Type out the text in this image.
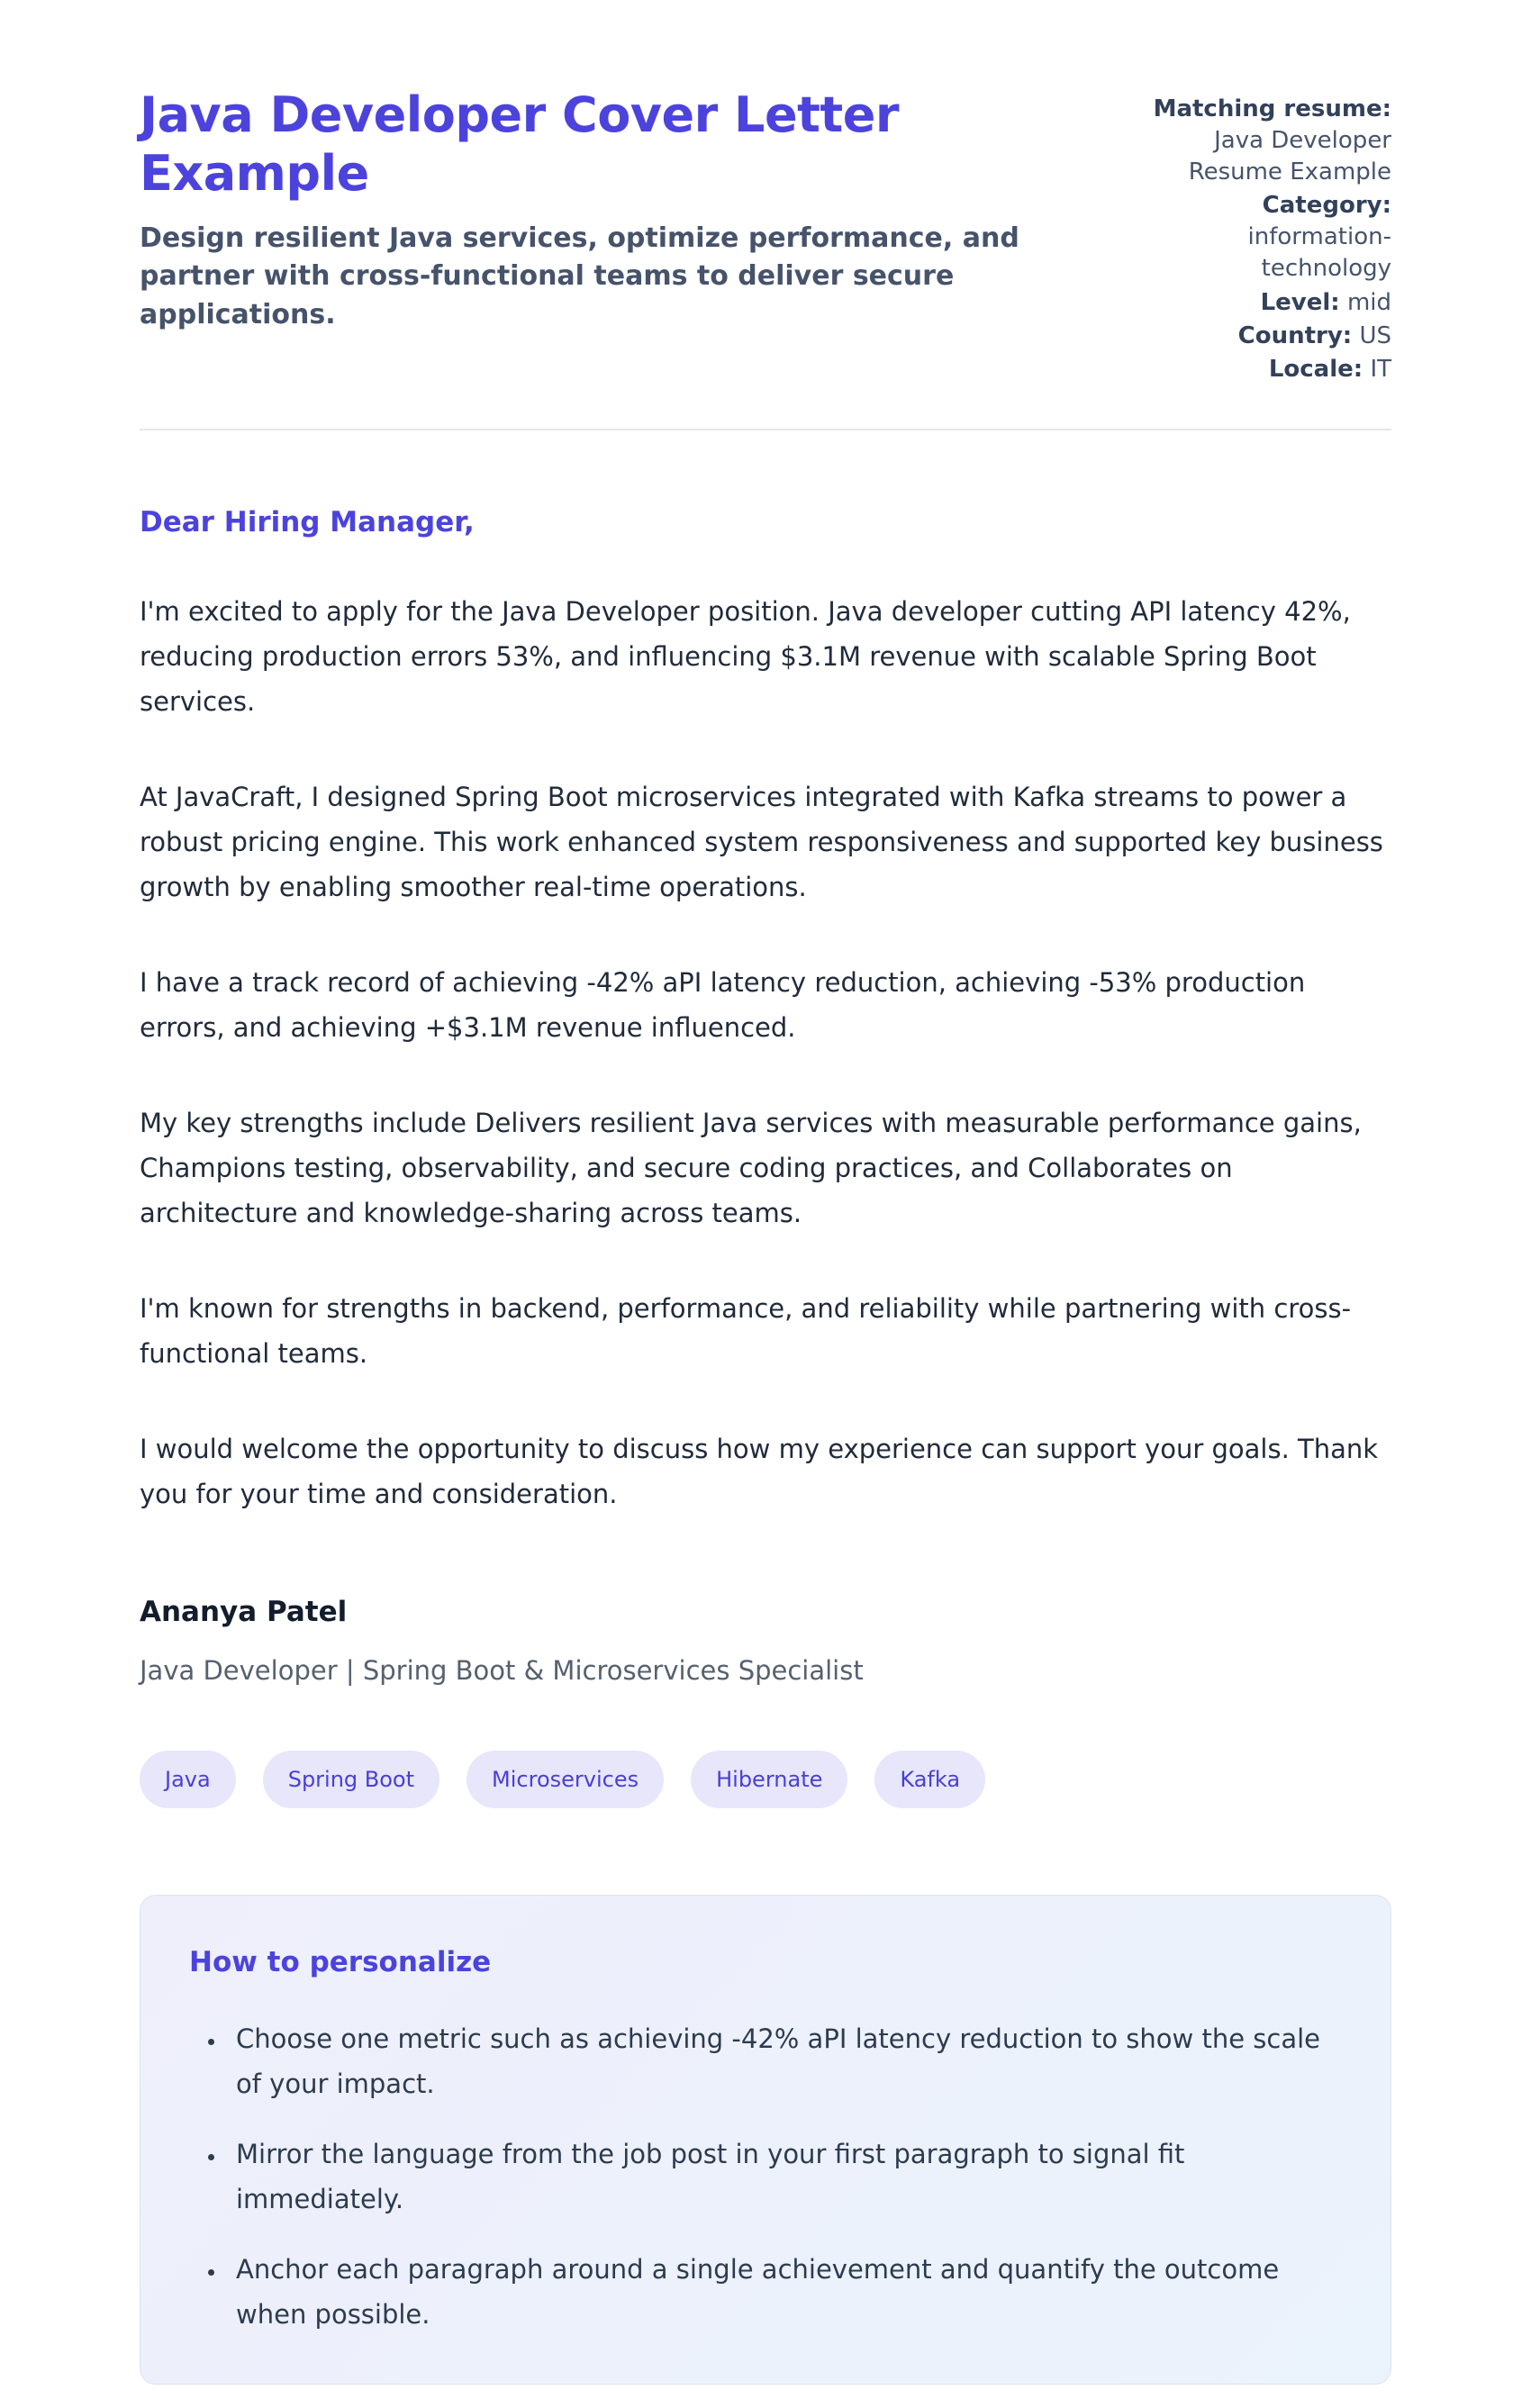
Java Developer Cover Letter Example

Design resilient Java services, optimize performance, and partner with cross-functional teams to deliver secure applications.

Matching resume: Java Developer Resume Example
Category: information-technology
Level: mid
Country: US
Locale: IT
Dear Hiring Manager,

I'm excited to apply for the Java Developer position. Java developer cutting API latency 42%, reducing production errors 53%, and influencing $3.1M revenue with scalable Spring Boot services.

At JavaCraft, I designed Spring Boot microservices integrated with Kafka streams to power a robust pricing engine. This work enhanced system responsiveness and supported key business growth by enabling smoother real-time operations.

I have a track record of achieving -42% aPI latency reduction, achieving -53% production errors, and achieving +$3.1M revenue influenced.

My key strengths include Delivers resilient Java services with measurable performance gains, Champions testing, observability, and secure coding practices, and Collaborates on architecture and knowledge-sharing across teams.

I'm known for strengths in backend, performance, and reliability while partnering with cross-functional teams.

I would welcome the opportunity to discuss how my experience can support your goals. Thank you for your time and consideration.

Ananya Patel
Java Developer | Spring Boot & Microservices Specialist
Java	Spring Boot	Microservices	Hibernate	Kafka
How to personalize
• Choose one metric such as achieving -42% aPI latency reduction to show the scale of your impact.
• Mirror the language from the job post in your first paragraph to signal fit immediately.
• Anchor each paragraph around a single achievement and quantify the outcome when possible.
